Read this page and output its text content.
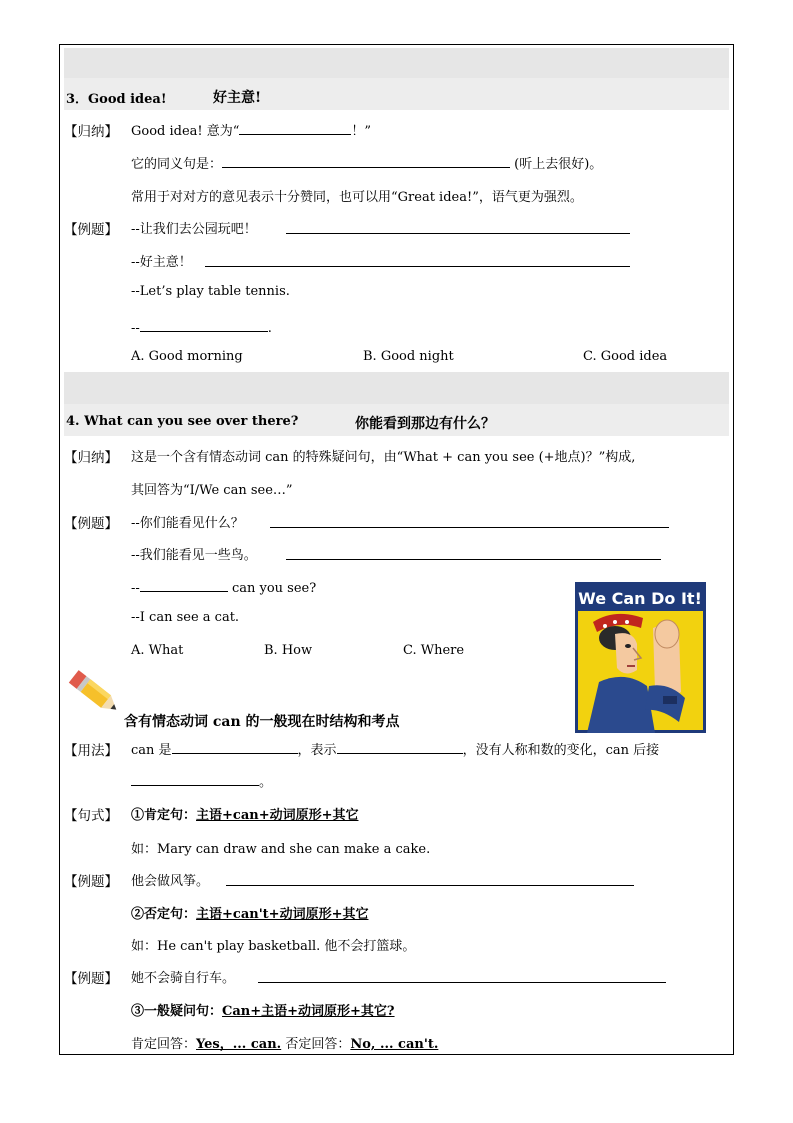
3．Good idea!	好主意!
【归纳】 Good idea! 意为“	！”
它的同义句是：	(听上去很好)。
常用于对对方的意见表示十分赞同，也可以用“Great idea!”，语气更为强烈。
【例题】 --让我们去公园玩吧！
--好主意！
--Let’s play table tennis.
--	.
A. Good morning	B. Good night	C. Good idea
4. What can you see over there?	你能看到那边有什么？
【归纳】 这是一个含有情态动词 can 的特殊疑问句，由“What + can you see (+地点)？”构成,
其回答为“I/We can see…”
【例题】 --你们能看见什么？
--我们能看见一些鸟。
--	can you see?
--I can see a cat.
A. What	B. How	C. Where
We Can Do It!
含有情态动词 can 的一般现在时结构和考点
【用法】 can 是	，表示	，没有人称和数的变化，can 后接
。
【句式】 ①肯定句：主语+can+动词原形+其它
如：Mary can draw and she can make a cake.
【例题】 他会做风筝。
②否定句：主语+can't+动词原形+其它
如：He can't play basketball. 他不会打篮球。
【例题】 她不会骑自行车。
③一般疑问句：Can+主语+动词原形+其它?
肯定回答：Yes，... can. 否定回答：No, ... can't.
